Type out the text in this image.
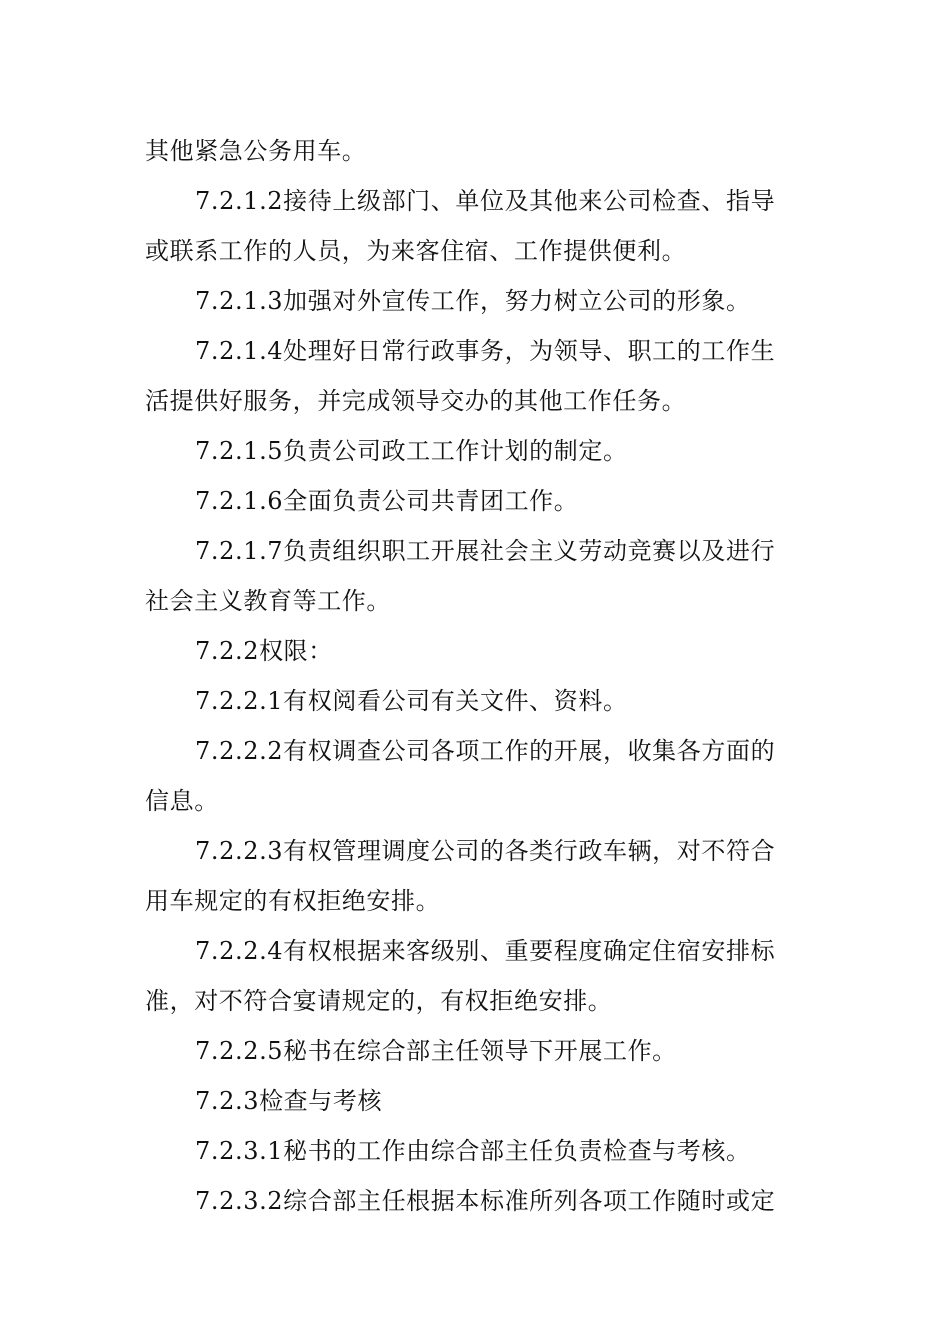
其他紧急公务用车。
7.2.1.2接待上级部门、单位及其他来公司检查、指导
或联系工作的人员，为来客住宿、工作提供便利。
7.2.1.3加强对外宣传工作，努力树立公司的形象。
7.2.1.4处理好日常行政事务，为领导、职工的工作生
活提供好服务，并完成领导交办的其他工作任务。
7.2.1.5负责公司政工工作计划的制定。
7.2.1.6全面负责公司共青团工作。
7.2.1.7负责组织职工开展社会主义劳动竞赛以及进行
社会主义教育等工作。
7.2.2权限：
7.2.2.1有权阅看公司有关文件、资料。
7.2.2.2有权调查公司各项工作的开展，收集各方面的
信息。
7.2.2.3有权管理调度公司的各类行政车辆，对不符合
用车规定的有权拒绝安排。
7.2.2.4有权根据来客级别、重要程度确定住宿安排标
准，对不符合宴请规定的，有权拒绝安排。
7.2.2.5秘书在综合部主任领导下开展工作。
7.2.3检查与考核
7.2.3.1秘书的工作由综合部主任负责检查与考核。
7.2.3.2综合部主任根据本标准所列各项工作随时或定
